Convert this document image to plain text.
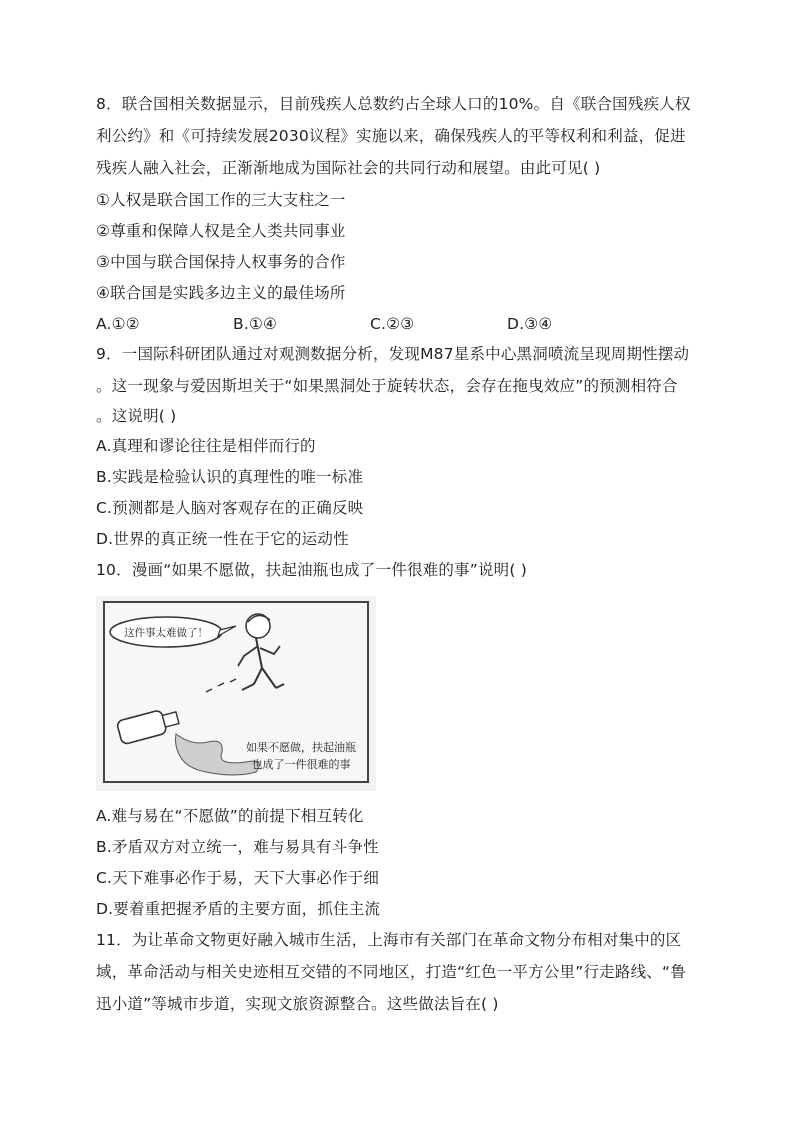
8．联合国相关数据显示，目前残疾人总数约占全球人口的10%。自《联合国残疾人权
利公约》和《可持续发展2030议程》实施以来，确保残疾人的平等权利和利益，促进
残疾人融入社会，正渐渐地成为国际社会的共同行动和展望。由此可见( )
①人权是联合国工作的三大支柱之一
②尊重和保障人权是全人类共同事业
③中国与联合国保持人权事务的合作
④联合国是实践多边主义的最佳场所
A.①②	B.①④	C.②③	D.③④
9．一国际科研团队通过对观测数据分析，发现M87星系中心黑洞喷流呈现周期性摆动
。这一现象与爱因斯坦关于“如果黑洞处于旋转状态，会存在拖曳效应”的预测相符合
。这说明( )
A.真理和谬论往往是相伴而行的
B.实践是检验认识的真理性的唯一标准
C.预测都是人脑对客观存在的正确反映
D.世界的真正统一性在于它的运动性
10．漫画“如果不愿做，扶起油瓶也成了一件很难的事”说明( )
这件事太难做了！
如果不愿做，扶起油瓶
也成了一件很难的事
A.难与易在“不愿做”的前提下相互转化
B.矛盾双方对立统一，难与易具有斗争性
C.天下难事必作于易，天下大事必作于细
D.要着重把握矛盾的主要方面，抓住主流
11．为让革命文物更好融入城市生活，上海市有关部门在革命文物分布相对集中的区
域，革命活动与相关史迹相互交错的不同地区，打造“红色一平方公里”行走路线、“鲁
迅小道”等城市步道，实现文旅资源整合。这些做法旨在( )
